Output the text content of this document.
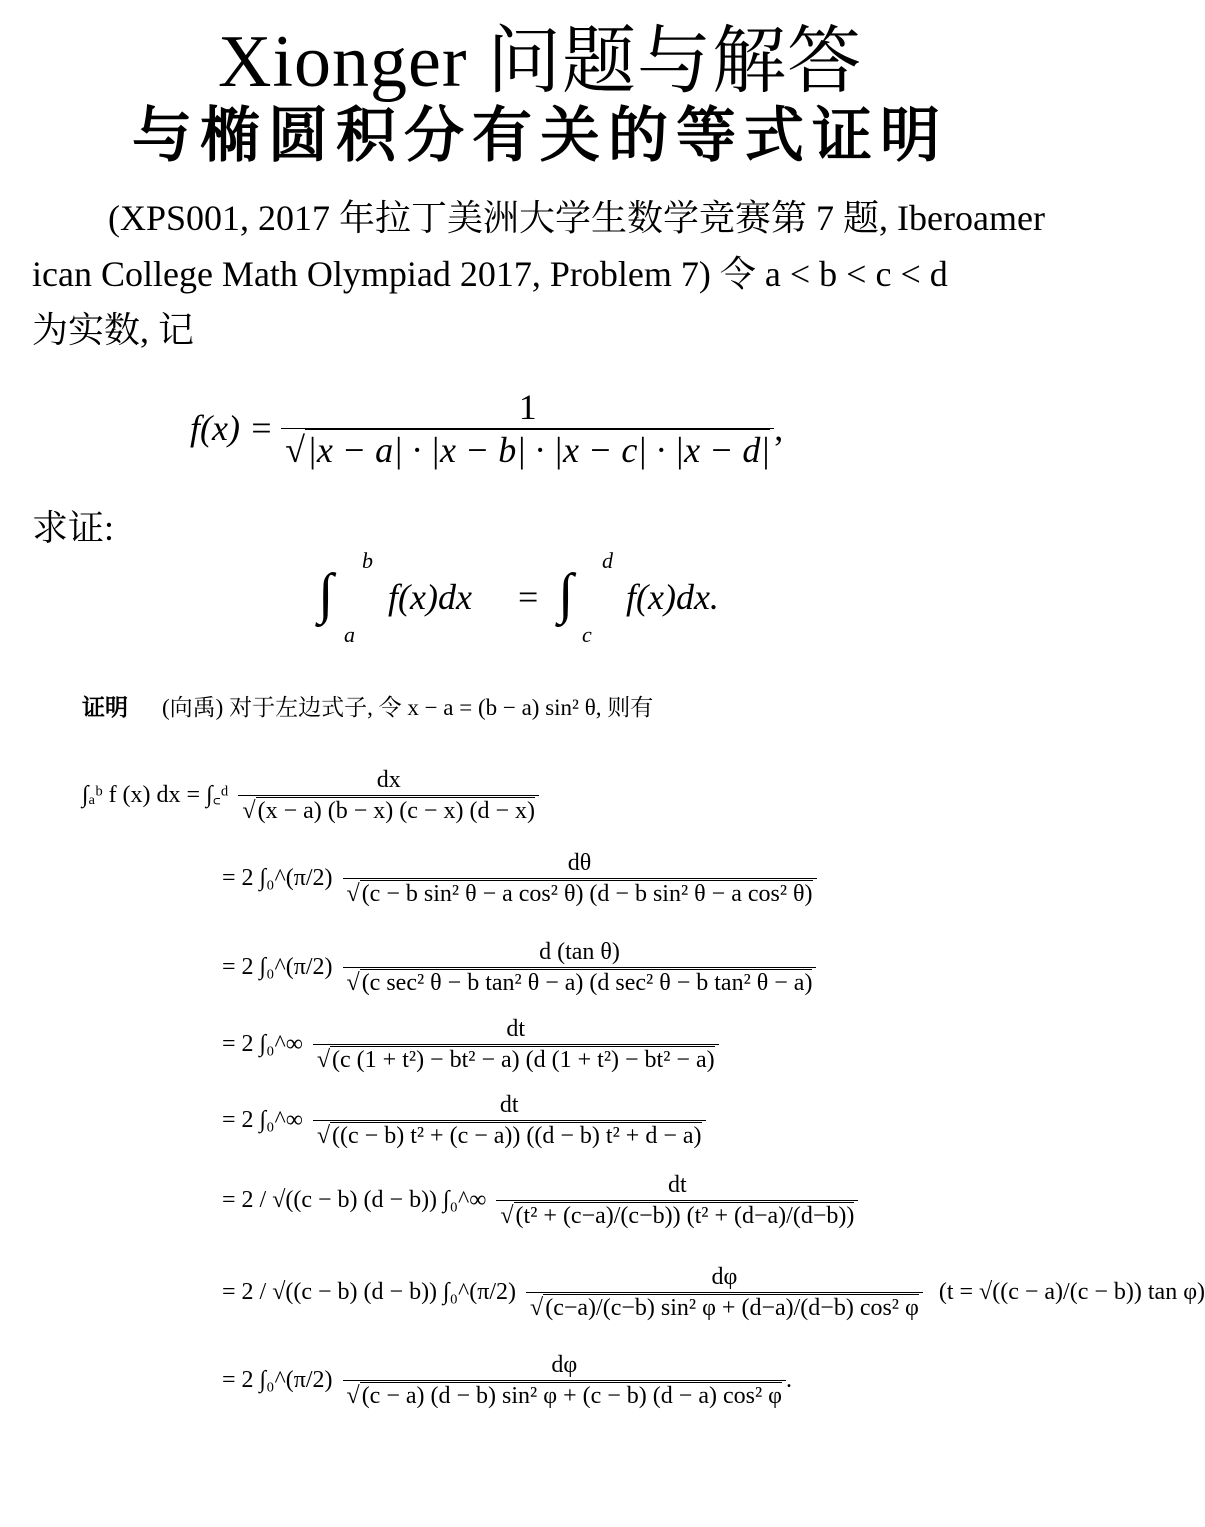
Xionger 问题与解答
与椭圆积分有关的等式证明
(XPS001, 2017 年拉丁美洲大学生数学竞赛第 7 题, Iberoamer
ican College Math Olympiad 2017, Problem 7) 令 a < b < c < d
为实数, 记
$f(x) = \frac{1}{√|x - a| \cdot |x - b| \cdot |x - c| \cdot |x - d|}$ ,
求证:
∫
b
a
f(x)dx = ∫
d
c
f(x)dx.
证明 (向禹) 对于左边式子, 令 x − a = (b − a) sin² θ, 则有
∫ₐᵇ f (x) dx = ∫꜀ᵈ $\frac{dx}{√(x - a) (b - x) (c - x) (d - x)}$
= 2 ∫₀^(π/2) $\frac{d\theta}{\text{√(c − b sin² θ − a cos² θ) (d − b sin² θ − a cos² θ)}}$
= 2 ∫₀^(π/2) $\frac{\text{d (tan θ)}}{\text{√(c sec² θ − b tan² θ − a) (d sec² θ − b tan² θ − a)}}$
= 2 ∫₀^∞ $\frac{dt}{\text{√(c (1 + t²) − bt² − a) (d (1 + t²) − bt² − a)}}$
= 2 ∫₀^∞ $\frac{dt}{\text{√((c − b) t² + (c − a)) ((d − b) t² + d − a)}}$
= 2 / √((c − b) (d − b)) ∫₀^∞ $\frac{dt}{\text{√(t² + (c−a)/(c−b)) (t² + (d−a)/(d−b))}}$
= 2 / √((c − b) (d − b)) ∫₀^(π/2) $\frac{d\varphi}{\text{√(c−a)/(c−b) sin² φ + (d−a)/(d−b) cos² φ}} (t = √((c - a)/(c - b))$ tan φ)
= 2 ∫₀^(π/2) $\frac{d\varphi}{\text{√(c − a) (d − b) sin² φ + (c − b) (d − a) cos² φ}}$ .
